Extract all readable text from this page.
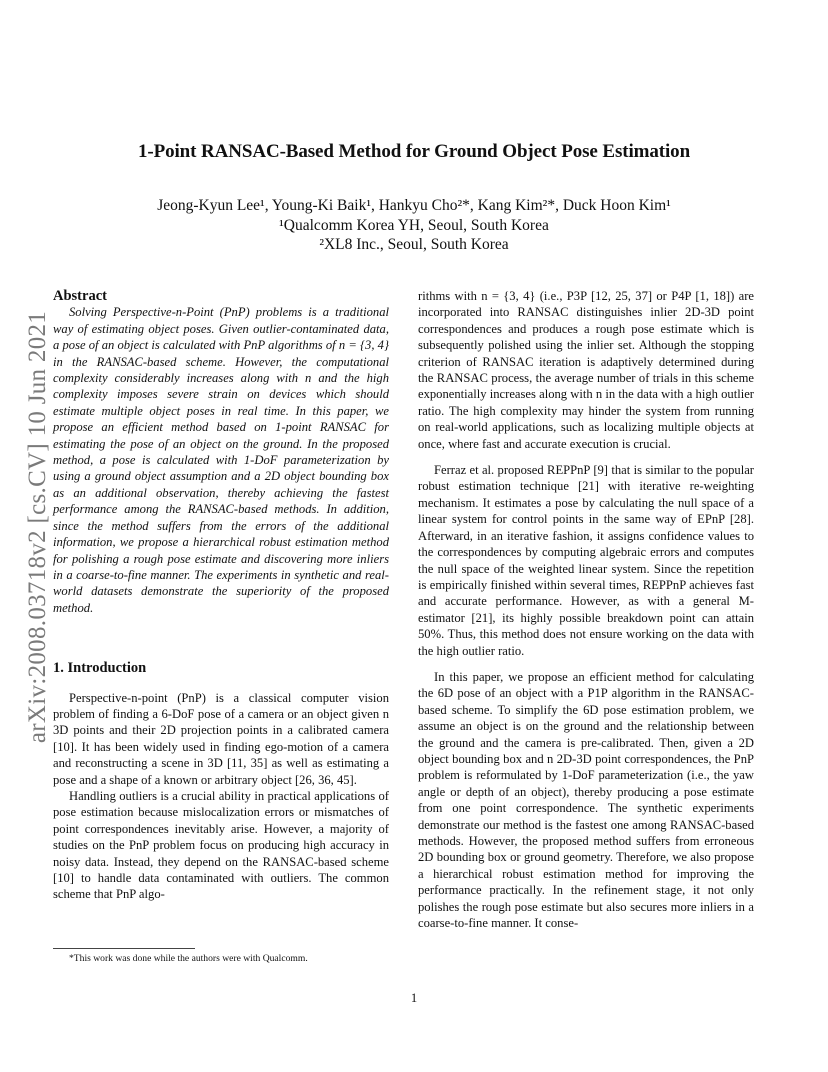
1-Point RANSAC-Based Method for Ground Object Pose Estimation
Jeong-Kyun Lee¹, Young-Ki Baik¹, Hankyu Cho²*, Kang Kim²*, Duck Hoon Kim¹
¹Qualcomm Korea YH, Seoul, South Korea
²XL8 Inc., Seoul, South Korea
arXiv:2008.03718v2 [cs.CV] 10 Jun 2021

Abstract

Solving Perspective-n-Point (PnP) problems is a traditional way of estimating object poses. Given outlier-contaminated data, a pose of an object is calculated with PnP algorithms of n = {3, 4} in the RANSAC-based scheme. However, the computational complexity considerably increases along with n and the high complexity imposes severe strain on devices which should estimate multiple object poses in real time. In this paper, we propose an efficient method based on 1-point RANSAC for estimating the pose of an object on the ground. In the proposed method, a pose is calculated with 1-DoF parameterization by using a ground object assumption and a 2D object bounding box as an additional observation, thereby achieving the fastest performance among the RANSAC-based methods. In addition, since the method suffers from the errors of the additional information, we propose a hierarchical robust estimation method for polishing a rough pose estimate and discovering more inliers in a coarse-to-fine manner. The experiments in synthetic and real-world datasets demonstrate the superiority of the proposed method.

1. Introduction

Perspective-n-point (PnP) is a classical computer vision problem of finding a 6-DoF pose of a camera or an object given n 3D points and their 2D projection points in a calibrated camera [10]. It has been widely used in finding ego-motion of a camera and reconstructing a scene in 3D [11, 35] as well as estimating a pose and a shape of a known or arbitrary object [26, 36, 45].

Handling outliers is a crucial ability in practical applications of pose estimation because mislocalization errors or mismatches of point correspondences inevitably arise. However, a majority of studies on the PnP problem focus on producing high accuracy in noisy data. Instead, they depend on the RANSAC-based scheme [10] to handle data contaminated with outliers. The common scheme that PnP algo-

rithms with n = {3, 4} (i.e., P3P [12, 25, 37] or P4P [1, 18]) are incorporated into RANSAC distinguishes inlier 2D-3D point correspondences and produces a rough pose estimate which is subsequently polished using the inlier set. Although the stopping criterion of RANSAC iteration is adaptively determined during the RANSAC process, the average number of trials in this scheme exponentially increases along with n in the data with a high outlier ratio. The high complexity may hinder the system from running on real-world applications, such as localizing multiple objects at once, where fast and accurate execution is crucial.

Ferraz et al. proposed REPPnP [9] that is similar to the popular robust estimation technique [21] with iterative re-weighting mechanism. It estimates a pose by calculating the null space of a linear system for control points in the same way of EPnP [28]. Afterward, in an iterative fashion, it assigns confidence values to the correspondences by computing algebraic errors and computes the null space of the weighted linear system. Since the repetition is empirically finished within several times, REPPnP achieves fast and accurate performance. However, as with a general M-estimator [21], its highly possible breakdown point can attain 50%. Thus, this method does not ensure working on the data with the high outlier ratio.

In this paper, we propose an efficient method for calculating the 6D pose of an object with a P1P algorithm in the RANSAC-based scheme. To simplify the 6D pose estimation problem, we assume an object is on the ground and the relationship between the ground and the camera is pre-calibrated. Then, given a 2D object bounding box and n 2D-3D point correspondences, the PnP problem is reformulated by 1-DoF parameterization (i.e., the yaw angle or depth of an object), thereby producing a pose estimate from one point correspondence. The synthetic experiments demonstrate our method is the fastest one among RANSAC-based methods. However, the proposed method suffers from erroneous 2D bounding box or ground geometry. Therefore, we also propose a hierarchical robust estimation method for improving the performance practically. In the refinement stage, it not only polishes the rough pose estimate but also secures more inliers in a coarse-to-fine manner. It conse-

*This work was done while the authors were with Qualcomm.
1
